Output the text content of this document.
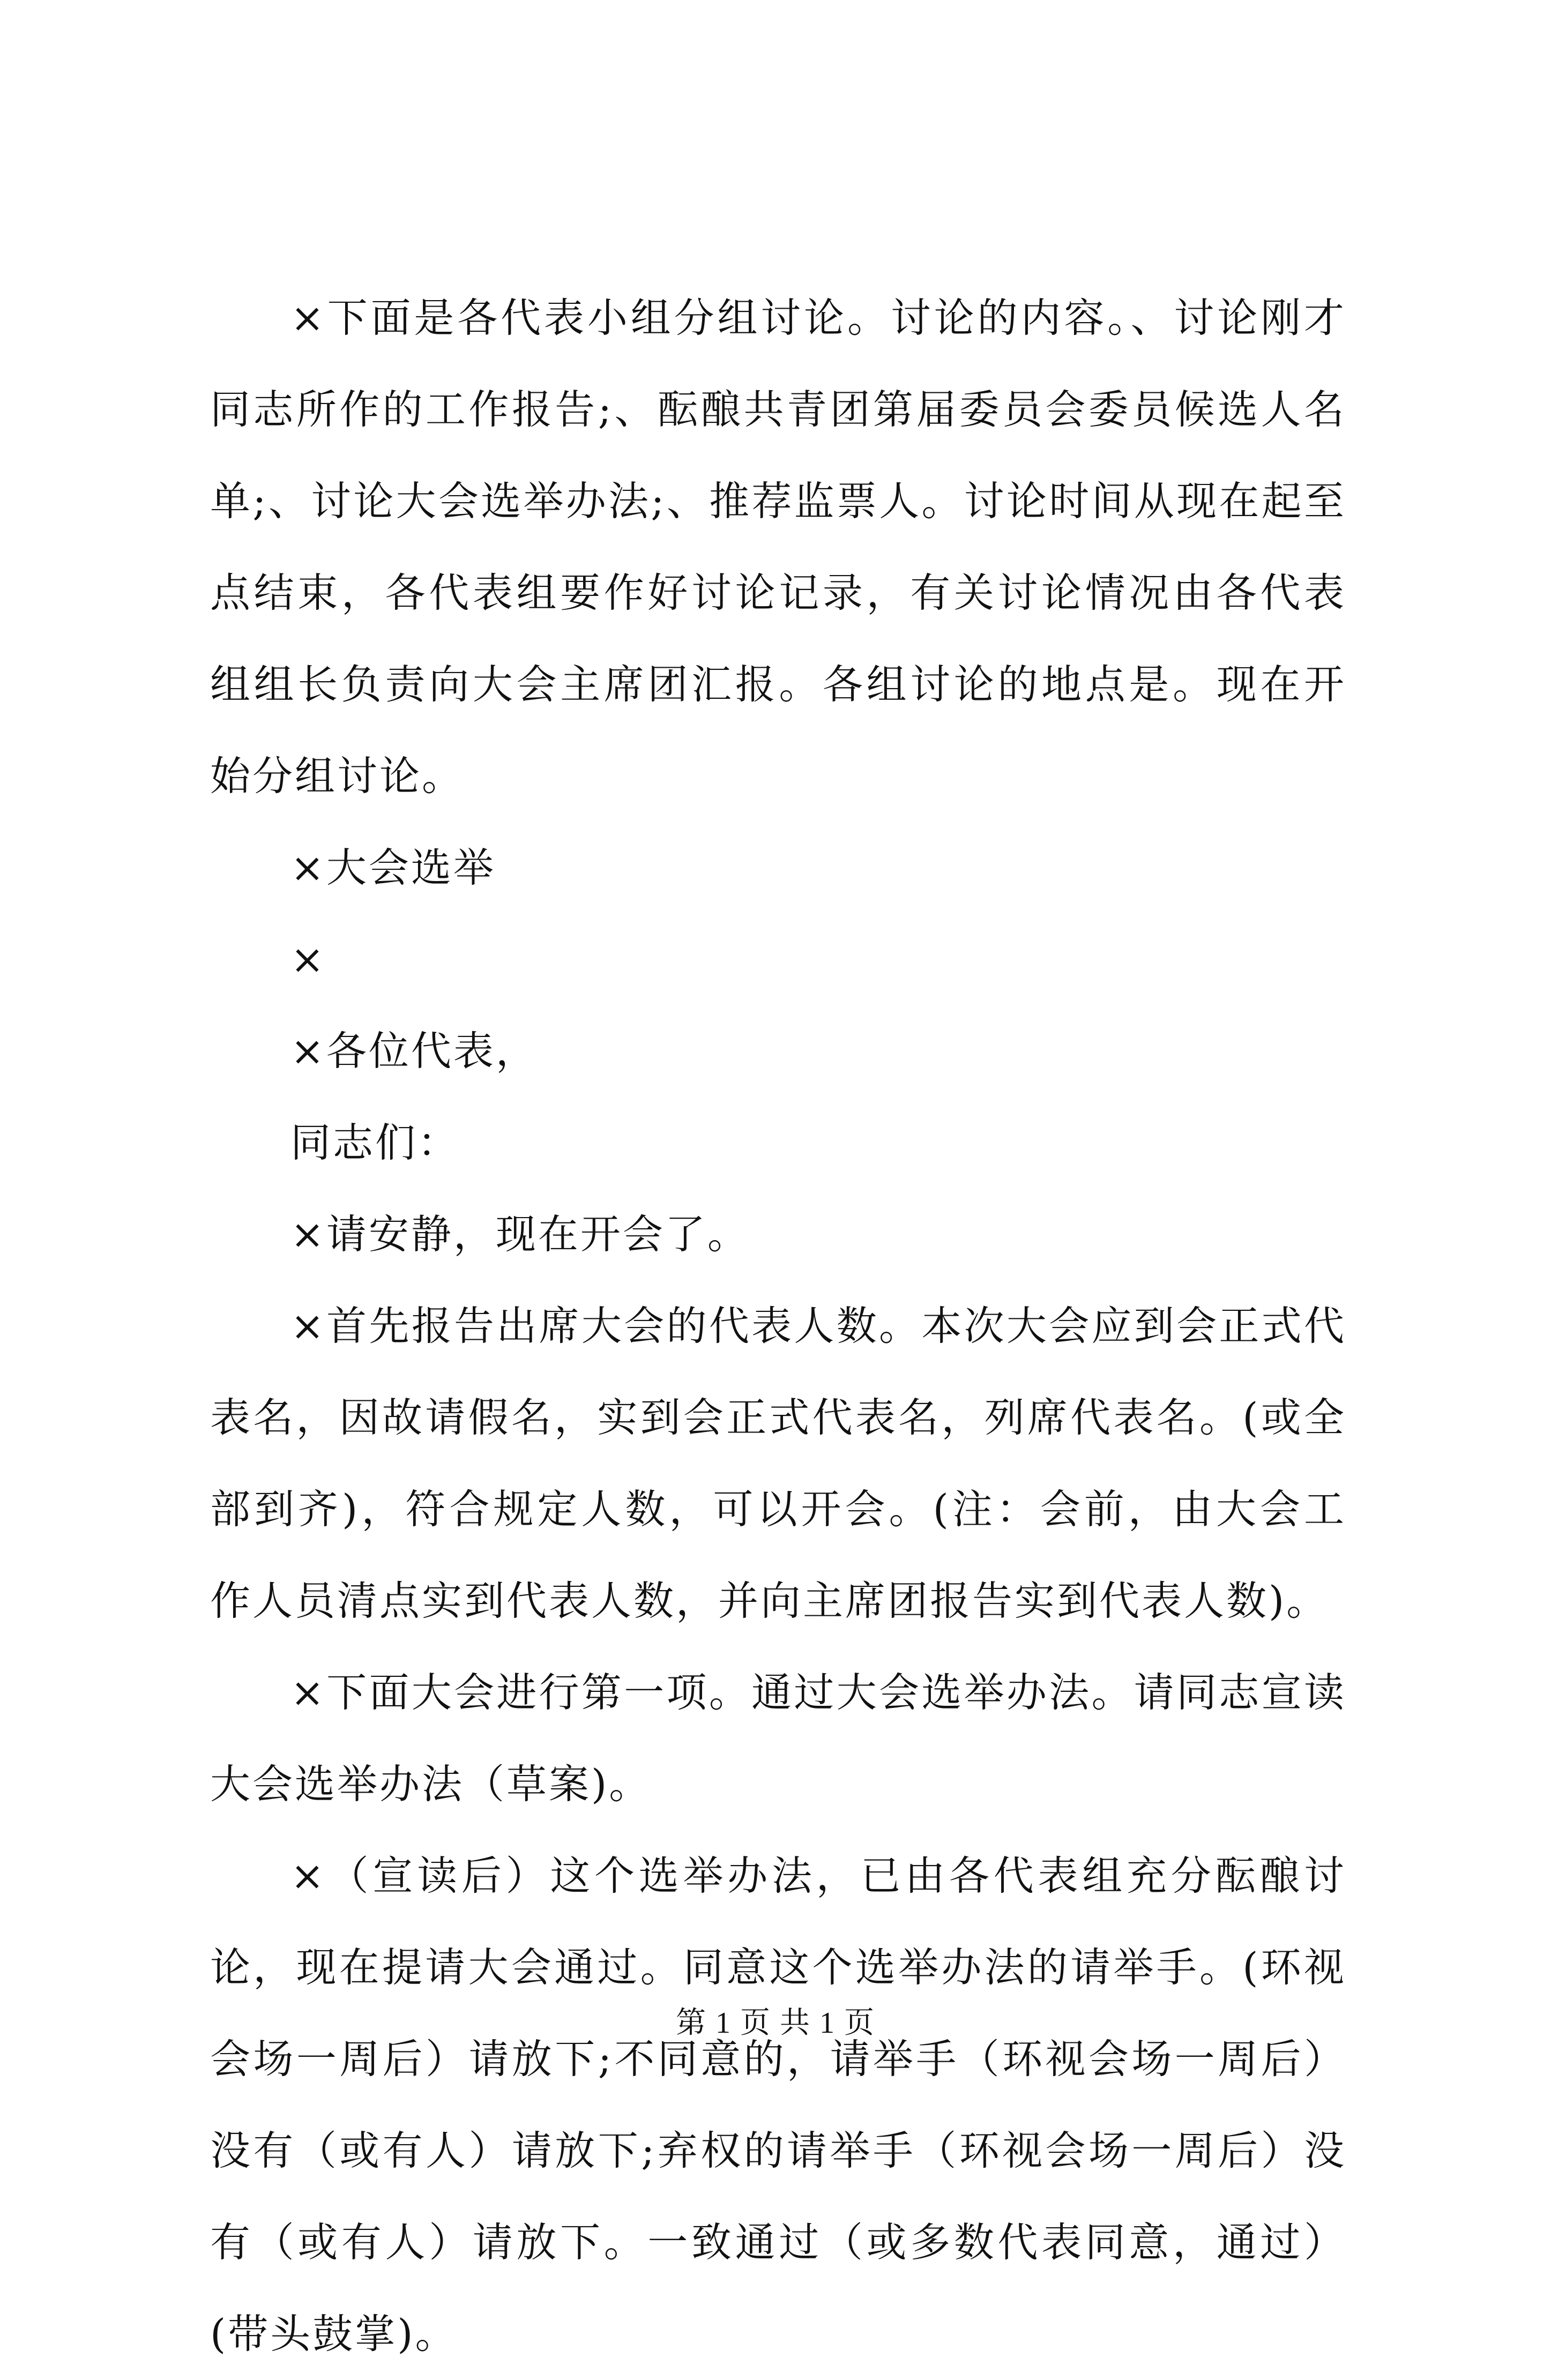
×下面是各代表小组分组讨论。讨论的内容。、讨论刚才同志所作的工作报告;、酝酿共青团第届委员会委员候选人名单;、讨论大会选举办法;、推荐监票人。讨论时间从现在起至点结束，各代表组要作好讨论记录，有关讨论情况由各代表组组长负责向大会主席团汇报。各组讨论的地点是。现在开始分组讨论。

×大会选举

×

×各位代表，

同志们：

×请安静，现在开会了。

×首先报告出席大会的代表人数。本次大会应到会正式代表名，因故请假名，实到会正式代表名，列席代表名。(或全部到齐)，符合规定人数，可以开会。(注：会前，由大会工作人员清点实到代表人数，并向主席团报告实到代表人数)。

×下面大会进行第一项。通过大会选举办法。请同志宣读大会选举办法（草案)。

×（宣读后）这个选举办法，已由各代表组充分酝酿讨论，现在提请大会通过。同意这个选举办法的请举手。(环视会场一周后）请放下;不同意的，请举手（环视会场一周后）没有（或有人）请放下;弃权的请举手（环视会场一周后）没有（或有人）请放下。一致通过（或多数代表同意，通过）(带头鼓掌)。

第 1 页 共 1 页
